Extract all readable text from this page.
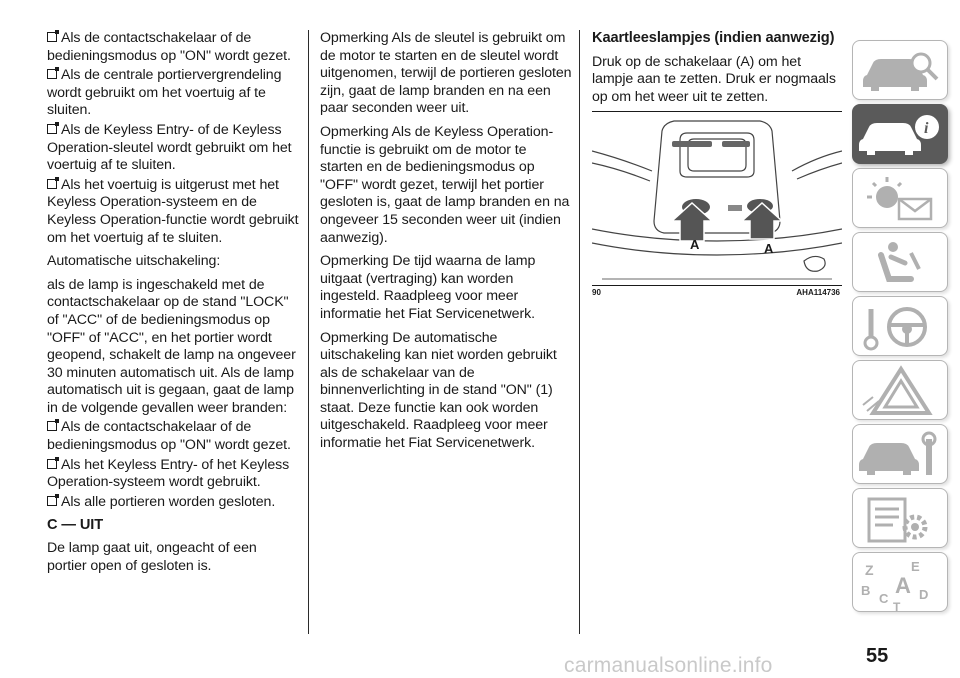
Als de contactschakelaar of de bedieningsmodus op "ON" wordt gezet.
Als de centrale portiervergrendeling wordt gebruikt om het voertuig af te sluiten.
Als de Keyless Entry- of de Keyless Operation-sleutel wordt gebruikt om het voertuig af te sluiten.
Als het voertuig is uitgerust met het Keyless Operation-systeem en de Keyless Operation-functie wordt gebruikt om het voertuig af te sluiten.

Automatische uitschakeling:

als de lamp is ingeschakeld met de contactschakelaar op de stand "LOCK" of "ACC" of de bedieningsmodus op "OFF" of "ACC", en het portier wordt geopend, schakelt de lamp na ongeveer 30 minuten automatisch uit. Als de lamp automatisch uit is gegaan, gaat de lamp in de volgende gevallen weer branden:

Als de contactschakelaar of de bedieningsmodus op "ON" wordt gezet.
Als het Keyless Entry- of het Keyless Operation-systeem wordt gebruikt.
Als alle portieren worden gesloten.
C — UIT

De lamp gaat uit, ongeacht of een portier open of gesloten is.

Opmerking Als de sleutel is gebruikt om de motor te starten en de sleutel wordt uitgenomen, terwijl de portieren gesloten zijn, gaat de lamp branden en na een paar seconden weer uit.

Opmerking Als de Keyless Operation-functie is gebruikt om de motor te starten en de bedieningsmodus op "OFF" wordt gezet, terwijl het portier gesloten is, gaat de lamp branden en na ongeveer 15 seconden weer uit (indien aanwezig).

Opmerking De tijd waarna de lamp uitgaat (vertraging) kan worden ingesteld. Raadpleeg voor meer informatie het Fiat Servicenetwerk.

Opmerking De automatische uitschakeling kan niet worden gebruikt als de schakelaar van de binnenverlichting in de stand "ON" (1) staat. Deze functie kan ook worden uitgeschakeld. Raadpleeg voor meer informatie het Fiat Servicenetwerk.

Kaartleeslampjes (indien aanwezig)

Druk op de schakelaar (A) om het lampje aan te zetten. Druk er nogmaals op om het weer uit te zetten.

A	A
90	AHA114736
i
Z	E
B A
C D
T
55
carmanualsonline.info
